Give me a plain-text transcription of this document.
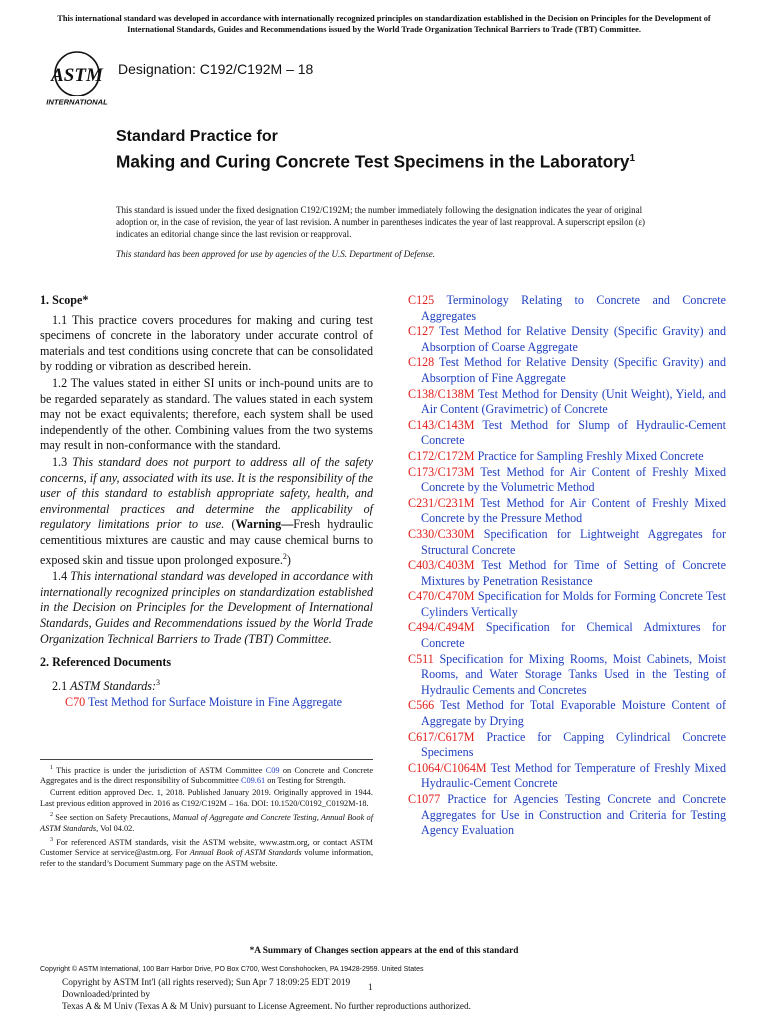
This international standard was developed in accordance with internationally recognized principles on standardization established in the Decision on Principles for the Development of International Standards, Guides and Recommendations issued by the World Trade Organization Technical Barriers to Trade (TBT) Committee.
ASTM
INTERNATIONAL
Designation: C192/C192M – 18
Standard Practice for
Making and Curing Concrete Test Specimens in the Laboratory$^1$
This standard is issued under the fixed designation C192/C192M; the number immediately following the designation indicates the year of original adoption or, in the case of revision, the year of last revision. A number in parentheses indicates the year of last reapproval. A superscript epsilon (ε) indicates an editorial change since the last revision or reapproval.
This standard has been approved for use by agencies of the U.S. Department of Defense.
1. Scope*

1.1 This practice covers procedures for making and curing test specimens of concrete in the laboratory under accurate control of materials and test conditions using concrete that can be consolidated by rodding or vibration as described herein.

1.2 The values stated in either SI units or inch-pound units are to be regarded separately as standard. The values stated in each system may not be exact equivalents; therefore, each system shall be used independently of the other. Combining values from the two systems may result in non-conformance with the standard.

1.3 This standard does not purport to address all of the safety concerns, if any, associated with its use. It is the responsibility of the user of this standard to establish appropriate safety, health, and environmental practices and determine the applicability of regulatory limitations prior to use. (Warning—Fresh hydraulic cementitious mixtures are caustic and may cause chemical burns to exposed skin and tissue upon prolonged exposure.$^2$)

1.4 This international standard was developed in accordance with internationally recognized principles on standardization established in the Decision on Principles for the Development of International Standards, Guides and Recommendations issued by the World Trade Organization Technical Barriers to Trade (TBT) Committee.

2. Referenced Documents

2.1 ASTM Standards:$^3$

C70 Test Method for Surface Moisture in Fine Aggregate

$^1$ This practice is under the jurisdiction of ASTM Committee C09 on Concrete and Concrete Aggregates and is the direct responsibility of Subcommittee C09.61 on Testing for Strength.

Current edition approved Dec. 1, 2018. Published January 2019. Originally approved in 1944. Last previous edition approved in 2016 as C192/C192M – 16a. DOI: 10.1520/C0192_C0192M-18.

$^2$ See section on Safety Precautions, Manual of Aggregate and Concrete Testing, Annual Book of ASTM Standards, Vol 04.02.

$^3$ For referenced ASTM standards, visit the ASTM website, www.astm.org, or contact ASTM Customer Service at service@astm.org. For Annual Book of ASTM Standards volume information, refer to the standard’s Document Summary page on the ASTM website.

C125 Terminology Relating to Concrete and Concrete Aggregates

C127 Test Method for Relative Density (Specific Gravity) and Absorption of Coarse Aggregate

C128 Test Method for Relative Density (Specific Gravity) and Absorption of Fine Aggregate

C138/C138M Test Method for Density (Unit Weight), Yield, and Air Content (Gravimetric) of Concrete

C143/C143M Test Method for Slump of Hydraulic-Cement Concrete

C172/C172M Practice for Sampling Freshly Mixed Concrete

C173/C173M Test Method for Air Content of Freshly Mixed Concrete by the Volumetric Method

C231/C231M Test Method for Air Content of Freshly Mixed Concrete by the Pressure Method

C330/C330M Specification for Lightweight Aggregates for Structural Concrete

C403/C403M Test Method for Time of Setting of Concrete Mixtures by Penetration Resistance

C470/C470M Specification for Molds for Forming Concrete Test Cylinders Vertically

C494/C494M Specification for Chemical Admixtures for Concrete

C511 Specification for Mixing Rooms, Moist Cabinets, Moist Rooms, and Water Storage Tanks Used in the Testing of Hydraulic Cements and Concretes

C566 Test Method for Total Evaporable Moisture Content of Aggregate by Drying

C617/C617M Practice for Capping Cylindrical Concrete Specimens

C1064/C1064M Test Method for Temperature of Freshly Mixed Hydraulic-Cement Concrete

C1077 Practice for Agencies Testing Concrete and Concrete Aggregates for Use in Construction and Criteria for Testing Agency Evaluation

*A Summary of Changes section appears at the end of this standard
Copyright © ASTM International, 100 Barr Harbor Drive, PO Box C700, West Conshohocken, PA 19428-2959. United States
Copyright by ASTM Int'l (all rights reserved); Sun Apr 7 18:09:25 EDT 2019
Downloaded/printed by
Texas A & M Univ (Texas A & M Univ) pursuant to License Agreement. No further reproductions authorized.
1
